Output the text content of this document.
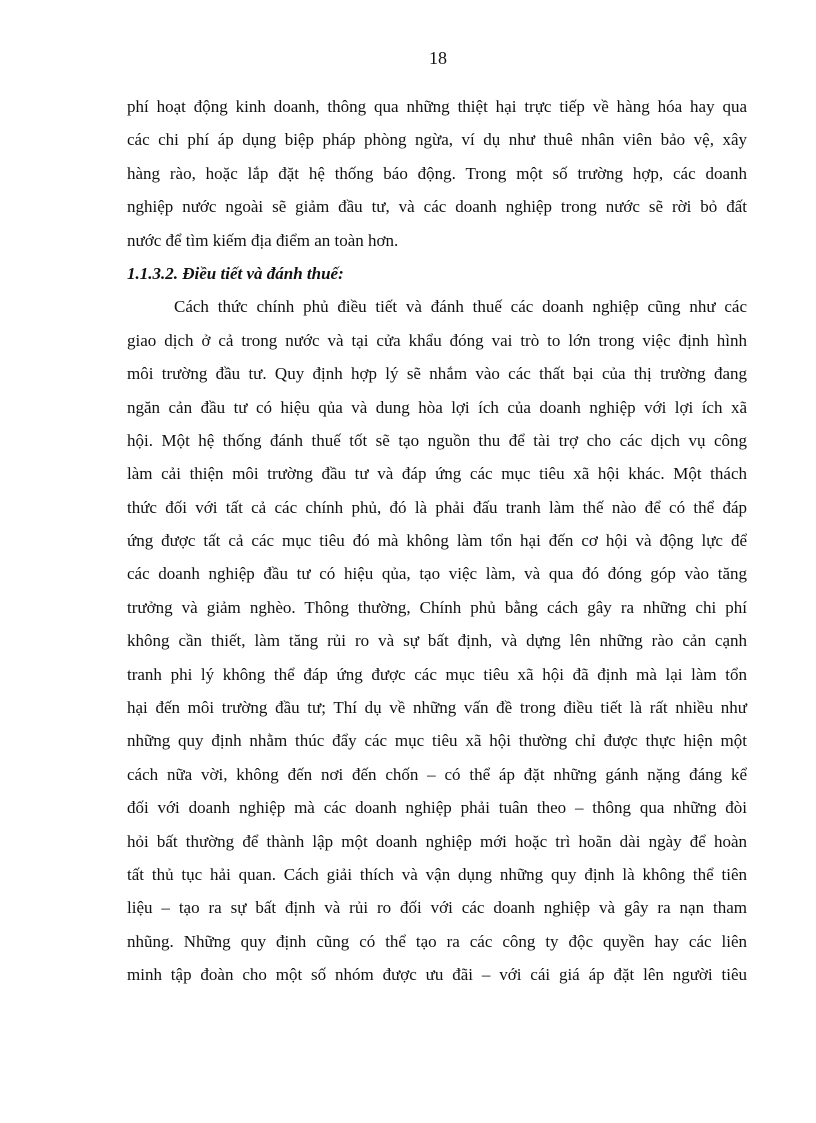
18
phí hoạt động kinh doanh, thông qua những thiệt hại trực tiếp về hàng hóa hay qua
các chi phí áp dụng biệp pháp phòng ngừa, ví dụ như thuê nhân viên bảo vệ, xây
hàng rào, hoặc lắp đặt hệ thống báo động. Trong một số trường hợp, các doanh
nghiệp nước ngoài sẽ giảm đầu tư, và các doanh nghiệp trong nước sẽ rời bỏ đất
nước để tìm kiếm địa điểm an toàn hơn.
1.1.3.2. Điều tiết và đánh thuế:
Cách thức chính phủ điều tiết và đánh thuế các doanh nghiệp cũng như các
giao dịch ở cả trong nước và tại cửa khẩu đóng vai trò to lớn trong việc định hình
môi trường đầu tư. Quy định hợp lý sẽ nhắm vào các thất bại của thị trường đang
ngăn cản đầu tư có hiệu qủa và dung hòa lợi ích của doanh nghiệp với lợi ích xã
hội. Một hệ thống đánh thuế tốt sẽ tạo nguồn thu để tài trợ cho các dịch vụ công
làm cải thiện môi trường đầu tư và đáp ứng các mục tiêu xã hội khác. Một thách
thức đối với tất cả các chính phủ, đó là phải đấu tranh làm thế nào để có thể đáp
ứng được tất cả các mục tiêu đó mà không làm tổn hại đến cơ hội và động lực để
các doanh nghiệp đầu tư có hiệu qủa, tạo việc làm, và qua đó đóng góp vào tăng
trưởng và giảm nghèo. Thông thường, Chính phủ bằng cách gây ra những chi phí
không cần thiết, làm tăng rủi ro và sự bất định, và dựng lên những rào cản cạnh
tranh phi lý không thể đáp ứng được các mục tiêu xã hội đã định mà lại làm tổn
hại đến môi trường đầu tư; Thí dụ về những vấn đề trong điều tiết là rất nhiều như
những quy định nhằm thúc đẩy các mục tiêu xã hội thường chỉ được thực hiện một
cách nữa vời, không đến nơi đến chốn – có thể áp đặt những gánh nặng đáng kể
đối với doanh nghiệp mà các doanh nghiệp phải tuân theo – thông qua những đòi
hỏi bất thường để thành lập một doanh nghiệp mới hoặc trì hoãn dài ngày để hoàn
tất thủ tục hải quan. Cách giải thích và vận dụng những quy định là không thể tiên
liệu – tạo ra sự bất định và rủi ro đối với các doanh nghiệp và gây ra nạn tham
nhũng. Những quy định cũng có thể tạo ra các công ty độc quyền hay các liên
minh tập đoàn cho một số nhóm được ưu đãi – với cái giá áp đặt lên người tiêu
